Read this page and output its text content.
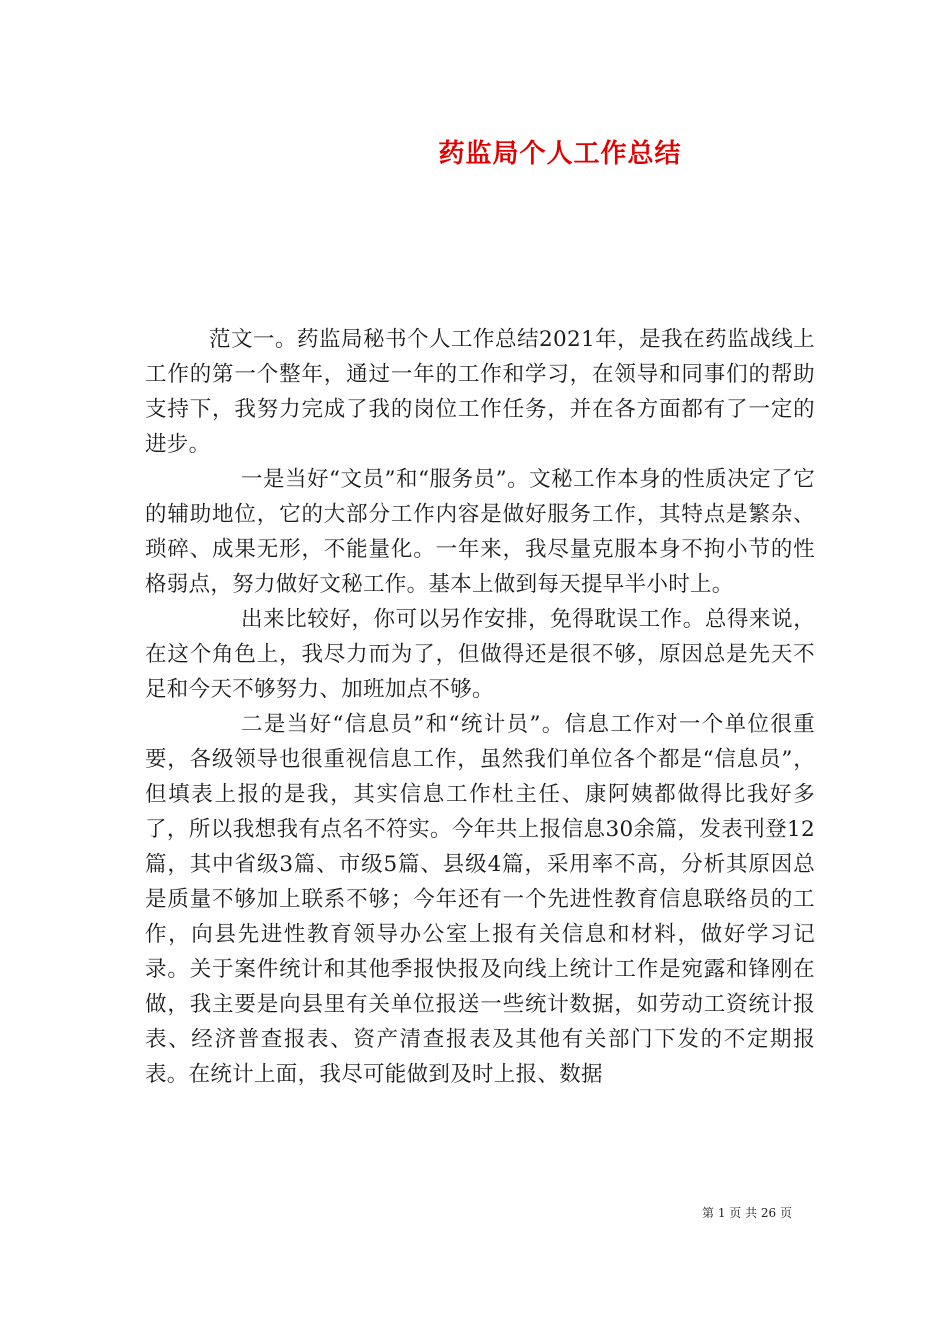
药监局个人工作总结

范文一。药监局秘书个人工作总结2021年，是我在药监战线上工作的第一个整年，通过一年的工作和学习，在领导和同事们的帮助支持下，我努力完成了我的岗位工作任务，并在各方面都有了一定的进步。

一是当好“文员”和“服务员”。文秘工作本身的性质决定了它的辅助地位，它的大部分工作内容是做好服务工作，其特点是繁杂、琐碎、成果无形，不能量化。一年来，我尽量克服本身不拘小节的性格弱点，努力做好文秘工作。基本上做到每天提早半小时上。

出来比较好，你可以另作安排，免得耽误工作。总得来说，在这个角色上，我尽力而为了，但做得还是很不够，原因总是先天不足和今天不够努力、加班加点不够。

二是当好“信息员”和“统计员”。信息工作对一个单位很重要，各级领导也很重视信息工作，虽然我们单位各个都是“信息员”，但填表上报的是我，其实信息工作杜主任、康阿姨都做得比我好多了，所以我想我有点名不符实。今年共上报信息30余篇，发表刊登12篇，其中省级3篇、市级5篇、县级4篇，采用率不高，分析其原因总是质量不够加上联系不够；今年还有一个先进性教育信息联络员的工作，向县先进性教育领导办公室上报有关信息和材料，做好学习记录。关于案件统计和其他季报快报及向线上统计工作是宛露和锋刚在做，我主要是向县里有关单位报送一些统计数据，如劳动工资统计报表、经济普查报表、资产清查报表及其他有关部门下发的不定期报表。在统计上面，我尽可能做到及时上报、数据

第 1 页 共 26 页
